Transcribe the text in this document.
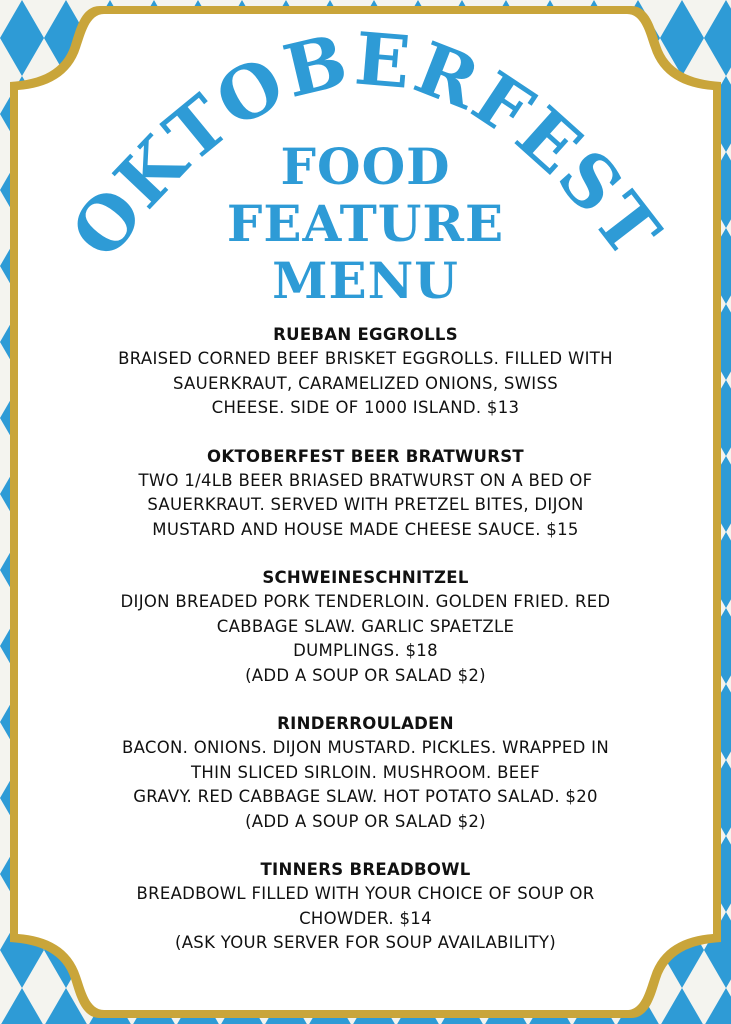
OKTOBERFEST
FOOD
FEATURE
MENU
RUEBAN EGGROLLS
BRAISED CORNED BEEF BRISKET EGGROLLS. FILLED WITH
SAUERKRAUT, CARAMELIZED ONIONS, SWISS
CHEESE. SIDE OF 1000 ISLAND. $13
OKTOBERFEST BEER BRATWURST
TWO 1/4LB BEER BRIASED BRATWURST ON A BED OF
SAUERKRAUT. SERVED WITH PRETZEL BITES, DIJON
MUSTARD AND HOUSE MADE CHEESE SAUCE. $15
SCHWEINESCHNITZEL
DIJON BREADED PORK TENDERLOIN. GOLDEN FRIED. RED
CABBAGE SLAW. GARLIC SPAETZLE
DUMPLINGS. $18
(ADD A SOUP OR SALAD $2)
RINDERROULADEN
BACON. ONIONS. DIJON MUSTARD. PICKLES. WRAPPED IN
THIN SLICED SIRLOIN. MUSHROOM. BEEF
GRAVY. RED CABBAGE SLAW. HOT POTATO SALAD. $20
(ADD A SOUP OR SALAD $2)
TINNERS BREADBOWL
BREADBOWL FILLED WITH YOUR CHOICE OF SOUP OR
CHOWDER. $14
(ASK YOUR SERVER FOR SOUP AVAILABILITY)
